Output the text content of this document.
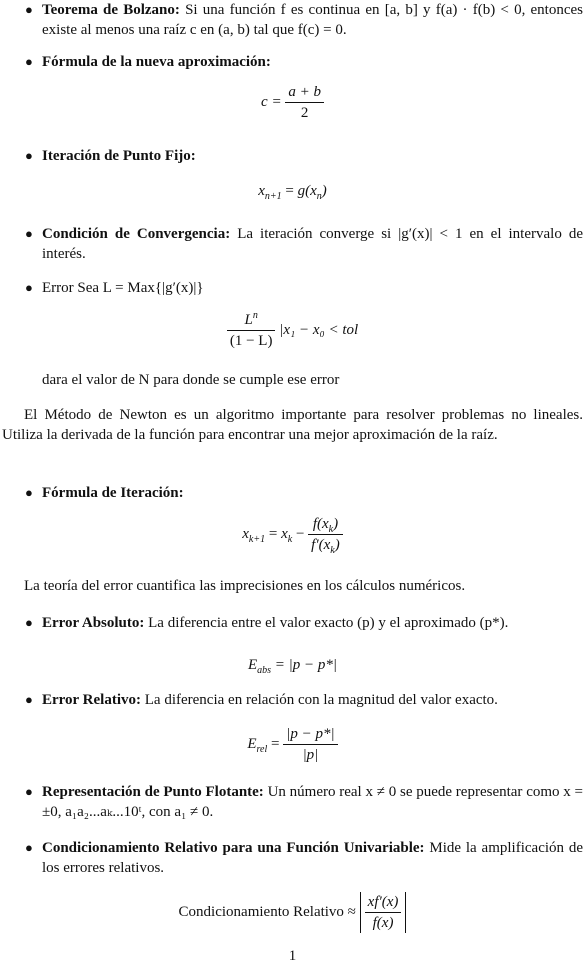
● Teorema de Bolzano: Si una función f es continua en [a, b] y f(a) · f(b) < 0, entonces existe al menos una raíz c en (a, b) tal que f(c) = 0.
● Fórmula de la nueva aproximación:
$c = \frac{a + b}{2}$
● Iteración de Punto Fijo:
$x_{n+1} = g(x_n)$
● Condición de Convergencia: La iteración converge si |g′(x)| < 1 en el intervalo de interés.
● Error Sea L = Max{|g′(x)|}
$\frac{L^n}{(1 - L)} |x_1 - x_0$ < tol
dara el valor de N para donde se cumple ese error
El Método de Newton es un algoritmo importante para resolver problemas no lineales. Utiliza la derivada de la función para encontrar una mejor aproximación de la raíz.
● Fórmula de Iteración:
$x_{k+1} = x_k - \frac{f(x_k)}{f'(x_k)}$
La teoría del error cuantifica las imprecisiones en los cálculos numéricos.
● Error Absoluto: La diferencia entre el valor exacto (p) y el aproximado (p*).
$E_{abs} = |p - p*|$
● Error Relativo: La diferencia en relación con la magnitud del valor exacto.
$E_{rel} = \frac{|p - p*|}{|p|}$
● Representación de Punto Flotante: Un número real x ≠ 0 se puede representar como x = ±0, a₁a₂...aₖ...10ᵗ, con a₁ ≠ 0.
● Condicionamiento Relativo para una Función Univariable: Mide la amplificación de los errores relativos.
Condicionamiento Relativo ≈ $\frac{xf'(x)}{f(x)}$
1
